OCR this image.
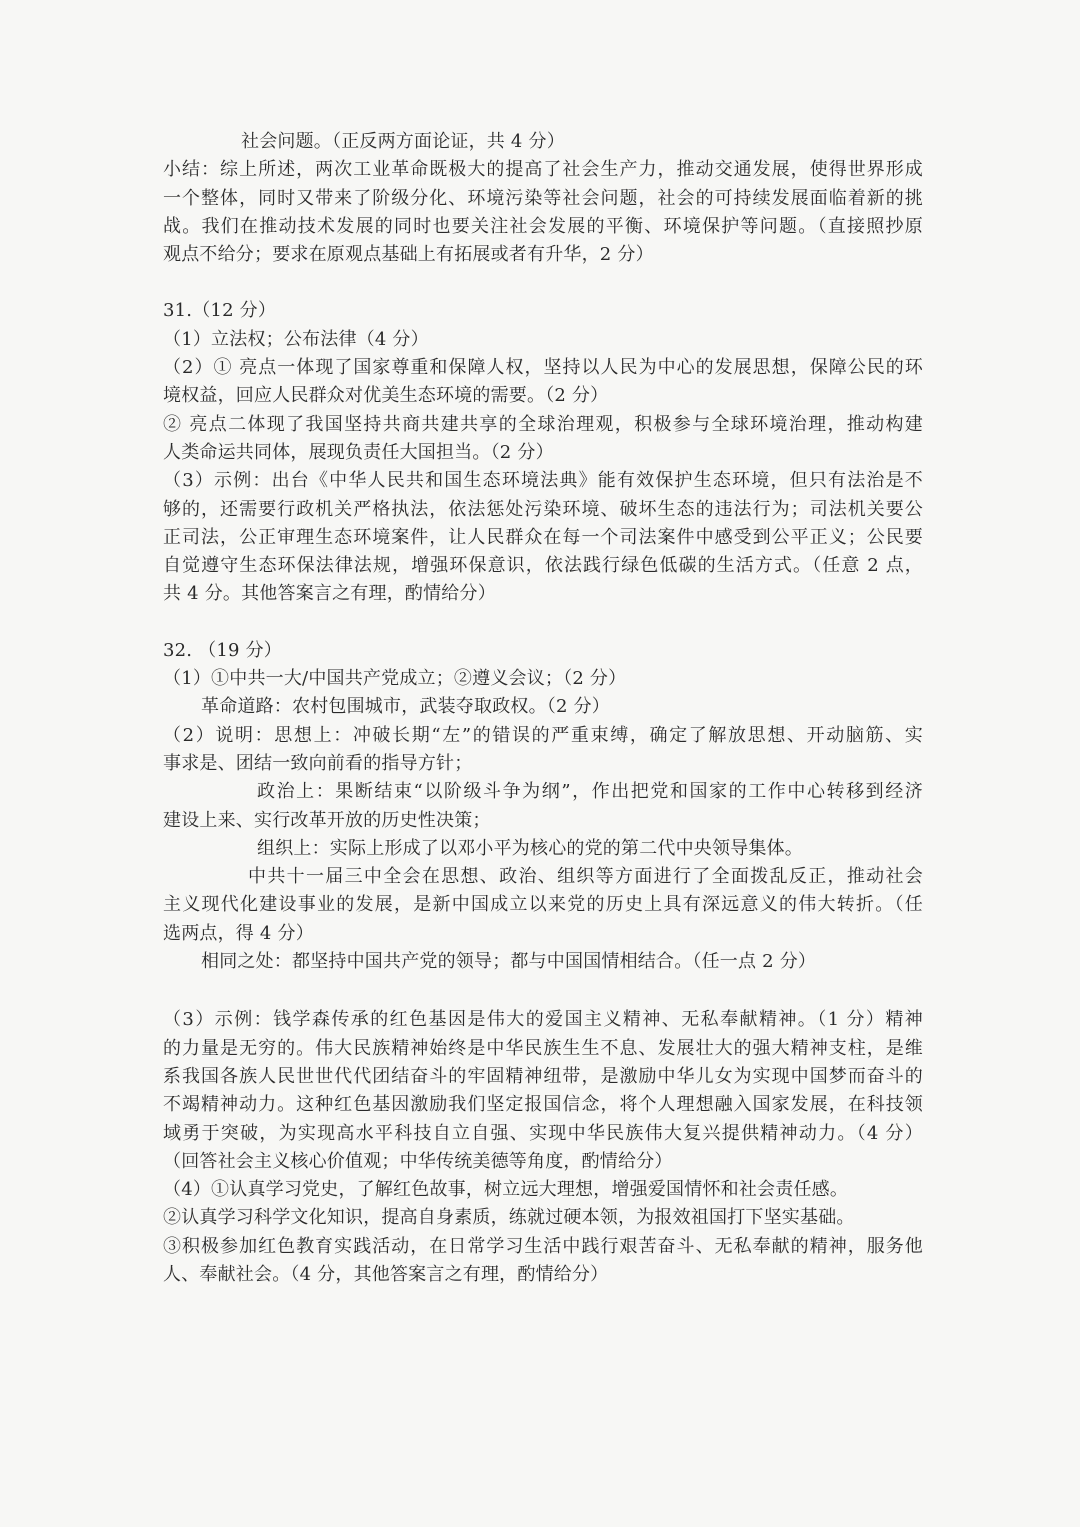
社会问题。（正反两方面论证，共 4 分）
小结：综上所述，两次工业革命既极大的提高了社会生产力，推动交通发展，使得世界形成
一个整体，同时又带来了阶级分化、环境污染等社会问题，社会的可持续发展面临着新的挑
战。我们在推动技术发展的同时也要关注社会发展的平衡、环境保护等问题。（直接照抄原
观点不给分；要求在原观点基础上有拓展或者有升华，2 分）
31.（12 分）
（1）立法权；公布法律（4 分）
（2）① 亮点一体现了国家尊重和保障人权，坚持以人民为中心的发展思想，保障公民的环
境权益，回应人民群众对优美生态环境的需要。（2 分）
② 亮点二体现了我国坚持共商共建共享的全球治理观，积极参与全球环境治理，推动构建
人类命运共同体，展现负责任大国担当。（2 分）
（3）示例：出台《中华人民共和国生态环境法典》能有效保护生态环境，但只有法治是不
够的，还需要行政机关严格执法，依法惩处污染环境、破坏生态的违法行为；司法机关要公
正司法，公正审理生态环境案件，让人民群众在每一个司法案件中感受到公平正义；公民要
自觉遵守生态环保法律法规，增强环保意识，依法践行绿色低碳的生活方式。（任意 2 点，
共 4 分。其他答案言之有理，酌情给分）
32. （19 分）
（1）①中共一大/中国共产党成立；②遵义会议；（2 分）
革命道路：农村包围城市，武装夺取政权。（2 分）
（2）说明：思想上：冲破长期“左”的错误的严重束缚，确定了解放思想、开动脑筋、实
事求是、团结一致向前看的指导方针；
政治上：果断结束“以阶级斗争为纲”，作出把党和国家的工作中心转移到经济
建设上来、实行改革开放的历史性决策；
组织上：实际上形成了以邓小平为核心的党的第二代中央领导集体。
中共十一届三中全会在思想、政治、组织等方面进行了全面拨乱反正，推动社会
主义现代化建设事业的发展，是新中国成立以来党的历史上具有深远意义的伟大转折。（任
选两点，得 4 分）
相同之处：都坚持中国共产党的领导；都与中国国情相结合。（任一点 2 分）
（3）示例：钱学森传承的红色基因是伟大的爱国主义精神、无私奉献精神。（1 分）精神
的力量是无穷的。伟大民族精神始终是中华民族生生不息、发展壮大的强大精神支柱，是维
系我国各族人民世世代代团结奋斗的牢固精神纽带，是激励中华儿女为实现中国梦而奋斗的
不竭精神动力。这种红色基因激励我们坚定报国信念，将个人理想融入国家发展，在科技领
域勇于突破，为实现高水平科技自立自强、实现中华民族伟大复兴提供精神动力。（4 分）
（回答社会主义核心价值观；中华传统美德等角度，酌情给分）
（4）①认真学习党史，了解红色故事，树立远大理想，增强爱国情怀和社会责任感。
②认真学习科学文化知识，提高自身素质，练就过硬本领，为报效祖国打下坚实基础。
③积极参加红色教育实践活动，在日常学习生活中践行艰苦奋斗、无私奉献的精神，服务他
人、奉献社会。（4 分，其他答案言之有理，酌情给分）
